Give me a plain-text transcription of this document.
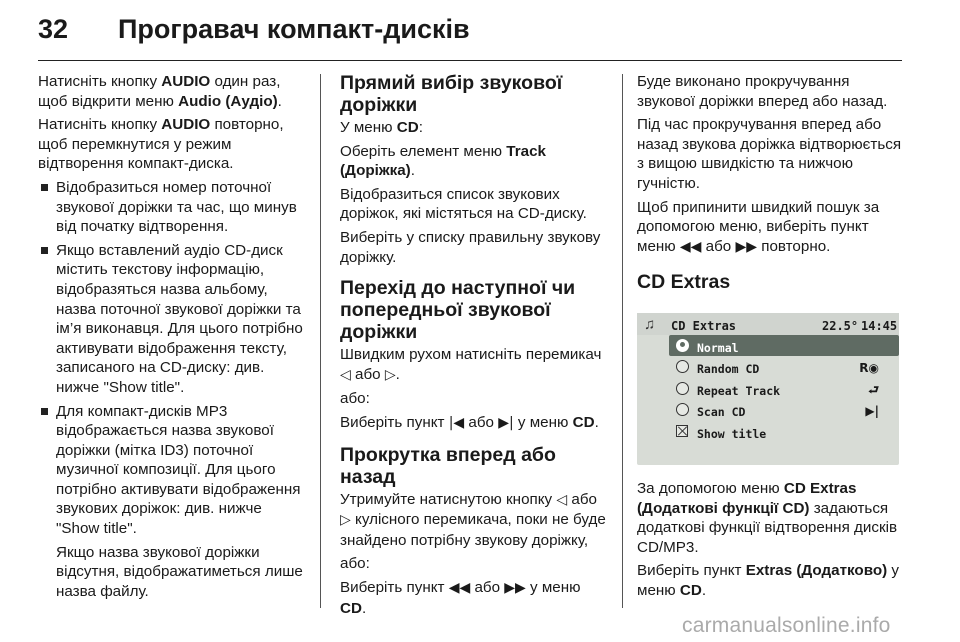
32 Програвач компакт-дисків

Натисніть кнопку AUDIO один раз, щоб відкрити меню Audio (Аудіо).

Натисніть кнопку AUDIO повторно, щоб перемкнутися у режим відтворення компакт-диска.

Відобразиться номер поточної звукової доріжки та час, що минув від початку відтворення.
Якщо вставлений аудіо CD-диск містить текстову інформацію, відобразяться назва альбому, назва поточної звукової доріжки та ім’я виконавця. Для цього потрібно активувати відображення тексту, записаного на CD-диску: див. нижче "Show title".
Для компакт-дисків MP3 відображається назва звукової доріжки (мітка ID3) поточної музичної композиції. Для цього потрібно активувати відображення звукових доріжок: див. нижче "Show title".

Якщо назва звукової доріжки відсутня, відображатиметься лише назва файлу.

Прямий вибір звукової доріжки

У меню CD:

Оберіть елемент меню Track (Доріжка).

Відобразиться список звукових доріжок, які містяться на CD-диску.

Виберіть у списку правильну звукову доріжку.

Перехід до наступної чи попередньої звукової доріжки

Швидким рухом натисніть перемикач ◁ або ▷.

або:

Виберіть пункт |◀ або ▶| у меню CD.

Прокрутка вперед або назад

Утримуйте натиснутою кнопку ◁ або ▷ кулісного перемикача, поки не буде знайдено потрібну звукову доріжку,

або:

Виберіть пункт ◀◀ або ▶▶ у меню CD.

Буде виконано прокручування звукової доріжки вперед або назад.

Під час прокручування вперед або назад звукова доріжка відтворюється з вищою швидкістю та нижчою гучністю.

Щоб припинити швидкий пошук за допомогою меню, виберіть пункт меню ◀◀ або ▶▶ повторно.

CD Extras
♫ CD Extras	22.5° 14:45
Normal
Random CD	R◉
Repeat Track	⮐
Scan CD	▶|
Show title

За допомогою меню CD Extras (Додаткові функції CD) задаються додаткові функції відтворення дисків CD/MP3.

Виберіть пункт Extras (Додатково) у меню CD.

carmanualsonline.info
